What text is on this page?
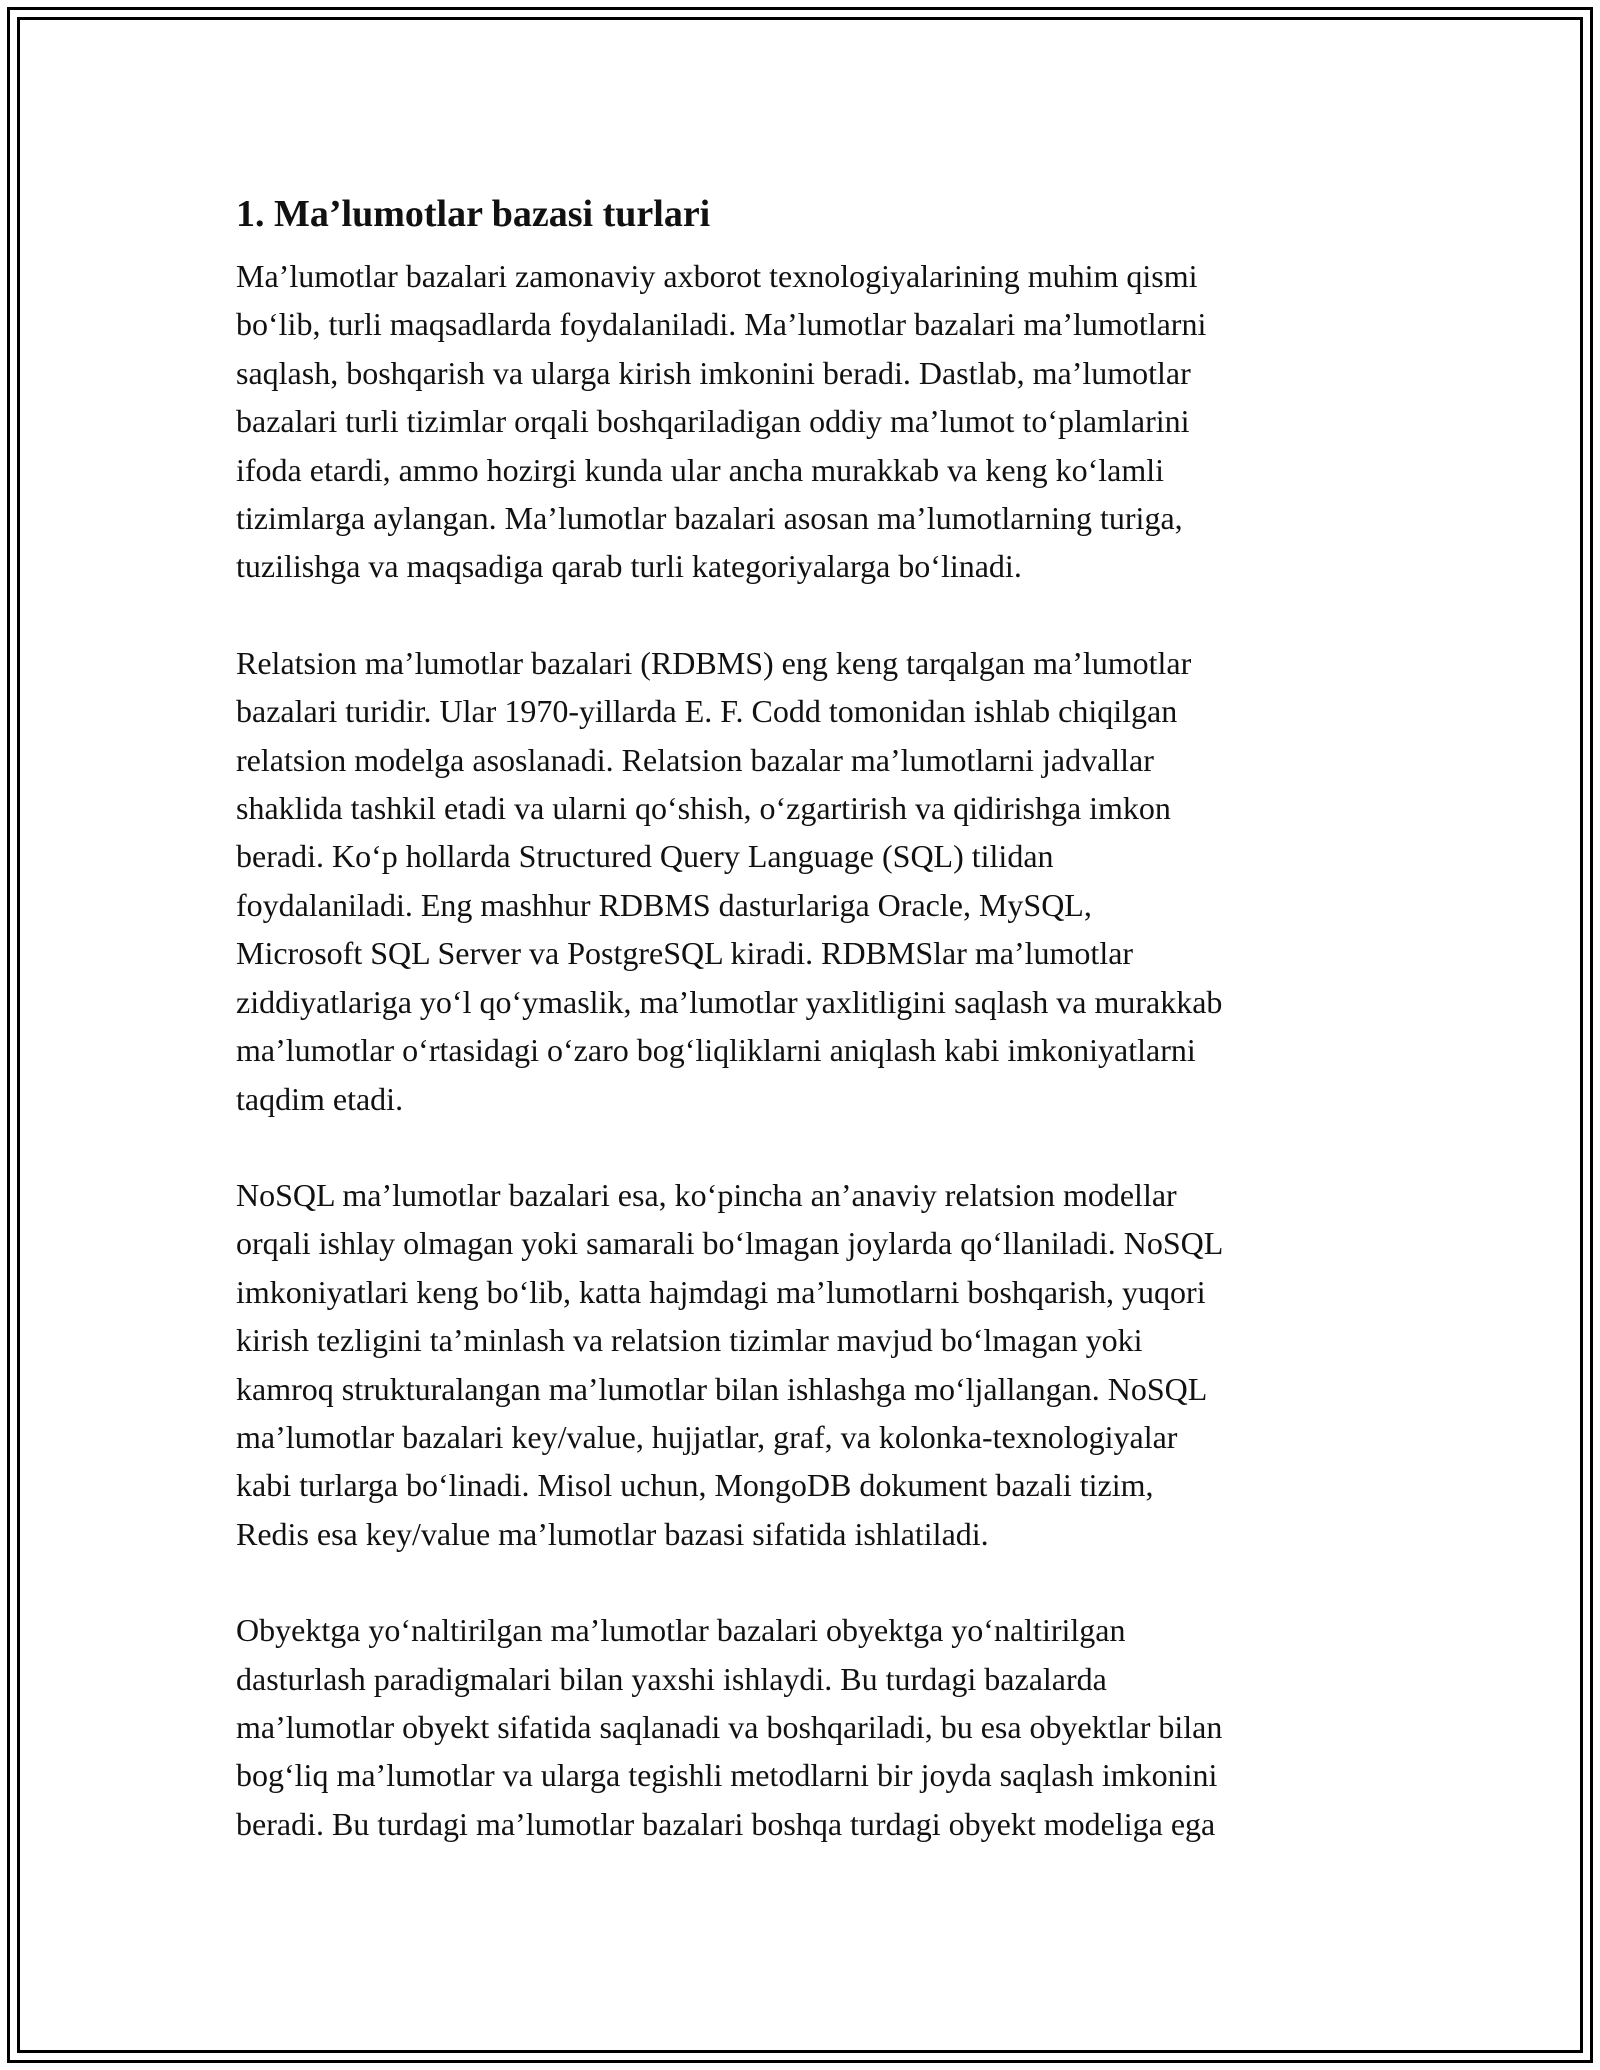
1. Ma’lumotlar bazasi turlari

Ma’lumotlar bazalari zamonaviy axborot texnologiyalarining muhim qismi
bo‘lib, turli maqsadlarda foydalaniladi. Ma’lumotlar bazalari ma’lumotlarni
saqlash, boshqarish va ularga kirish imkonini beradi. Dastlab, ma’lumotlar
bazalari turli tizimlar orqali boshqariladigan oddiy ma’lumot to‘plamlarini
ifoda etardi, ammo hozirgi kunda ular ancha murakkab va keng ko‘lamli
tizimlarga aylangan. Ma’lumotlar bazalari asosan ma’lumotlarning turiga,
tuzilishga va maqsadiga qarab turli kategoriyalarga bo‘linadi.

Relatsion ma’lumotlar bazalari (RDBMS) eng keng tarqalgan ma’lumotlar
bazalari turidir. Ular 1970-yillarda E. F. Codd tomonidan ishlab chiqilgan
relatsion modelga asoslanadi. Relatsion bazalar ma’lumotlarni jadvallar
shaklida tashkil etadi va ularni qo‘shish, o‘zgartirish va qidirishga imkon
beradi. Ko‘p hollarda Structured Query Language (SQL) tilidan
foydalaniladi. Eng mashhur RDBMS dasturlariga Oracle, MySQL,
Microsoft SQL Server va PostgreSQL kiradi. RDBMSlar ma’lumotlar
ziddiyatlariga yo‘l qo‘ymaslik, ma’lumotlar yaxlitligini saqlash va murakkab
ma’lumotlar o‘rtasidagi o‘zaro bog‘liqliklarni aniqlash kabi imkoniyatlarni
taqdim etadi.

NoSQL ma’lumotlar bazalari esa, ko‘pincha an’anaviy relatsion modellar
orqali ishlay olmagan yoki samarali bo‘lmagan joylarda qo‘llaniladi. NoSQL
imkoniyatlari keng bo‘lib, katta hajmdagi ma’lumotlarni boshqarish, yuqori
kirish tezligini ta’minlash va relatsion tizimlar mavjud bo‘lmagan yoki
kamroq strukturalangan ma’lumotlar bilan ishlashga mo‘ljallangan. NoSQL
ma’lumotlar bazalari key/value, hujjatlar, graf, va kolonka-texnologiyalar
kabi turlarga bo‘linadi. Misol uchun, MongoDB dokument bazali tizim,
Redis esa key/value ma’lumotlar bazasi sifatida ishlatiladi.

Obyektga yo‘naltirilgan ma’lumotlar bazalari obyektga yo‘naltirilgan
dasturlash paradigmalari bilan yaxshi ishlaydi. Bu turdagi bazalarda
ma’lumotlar obyekt sifatida saqlanadi va boshqariladi, bu esa obyektlar bilan
bog‘liq ma’lumotlar va ularga tegishli metodlarni bir joyda saqlash imkonini
beradi. Bu turdagi ma’lumotlar bazalari boshqa turdagi obyekt modeliga ega
